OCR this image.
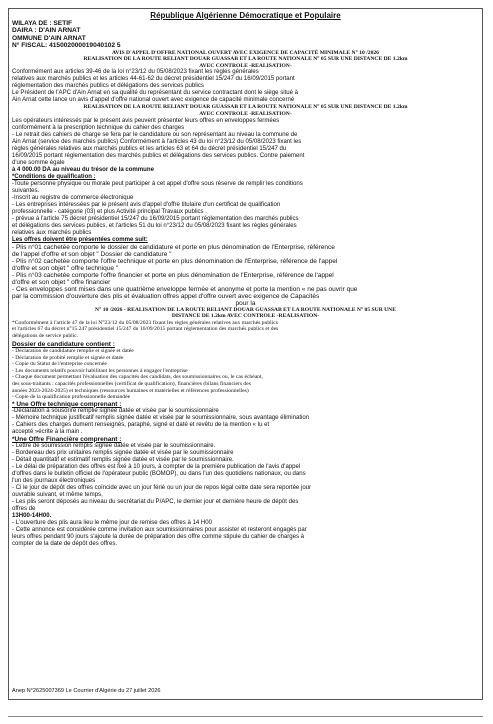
République Algérienne Démocratique et Populaire
WILAYA DE : SETIF
DAIRA : D'AIN ARNAT
OMMUNE D'AIN ARNAT
N° FISCAL: 415002000019040102 5
AVIS D'APPEL D'OFFRE NATIONAL OUVERT AVEC EXIGENCE DE CAPACITÉ MINIMALE N° 10 /2026
REALISATION DE LA ROUTE RELIANT DOUAR GUASSAB ET LA ROUTE NATIONALE N° 05 SUR UNE DISTANCE DE 1.2km
AVEC CONTROLE -REALISATION-
Conformément aux articles 39-46 de la loi n°23/12 du 05/08/2023 fixant les règles générales
relatives aux marchés publics et les articles 44-61-62 du décret présidentiel 15/247 du 16/09/2015 portant
réglementation des marchés publics et délégations des services publics
Le Président de l'APC d'Ain Arnat en sa qualité du représentant du service contractant dont le siège situé à
Ain Arnat cette lance un avis d'appel d'offre national ouvert avec exigence de capacité minimale concerné
REALISATION DE LA ROUTE RELIANT DOUAR GUASSAB ET LA ROUTE NATIONALE N° 05 SUR UNE DISTANCE DE 1.2km
AVEC CONTROLE -REALISATION-
Les opérateurs intéressés par le présent avis peuvent présenter leurs offres en enveloppes fermées
conformément à la prescription technique du cahier des charges
- Le retrait des cahiers de charge se fera par le candidature ou son représentant au niveau la commune de
Ain Arnat (service des marchés publics) Conformément à l'articles 43 du loi n°23/12 du 05/08/2023 fixant les
règles générales relatives aux marchés publics et les articles 63 et 64 du décret présidentiel 15/247 du
16/09/2015 portant réglementation des marchés publics et délégations des services publics. Contre paiement
d'une somme égale
à 4 000.00 DA au niveau du trésor de la commune
*Conditions de qualification :
-Toute personne physique ou morale peut participer à cet appel d'offre sous réserve de remplir les conditions
suivantes.
-Inscrit au registre de commerce électronique
- Les entreprises intéressées par le présent avis d'appel d'offre titulaire d'un certificat de qualification
professionnelle - catégorie (03) et plus Activité principal Travaux publics .
- prévue à l'article 75 décret présidentiel 15/247 du 16/09/2015 portant réglementation des marchés publics
et délégations des services publics, et l'articles 51 du loi n°23/12 du 05/08/2023 fixant les règles générales
relatives aux marchés publics
Les offres doivent être présentées comme suit:
- Plis n°01 cachetée comporte le dossier de candidature et porte en plus dénomination de l'Enterprise, référence
de l'appel d'offre et son objet " Dossier de candidature "
- Plis n°02 cachetée comporte l'offre technique et porte en plus dénomination de l'Enterprise, référence de l'appel
d'offre et son objet " offre technique "
- Plis n°03 cachetée comporte l'offre financier et porte en plus dénomination de l'Enterprise, référence de l'appel
d'offre et son objet " offre financier
- Ces enveloppes sont mises dans une quatrième enveloppe fermée et anonyme et porte la mention « ne pas ouvrir que
par la commission d'ouverture des plis et évaluation offres appel d'offre ouvert avec exigence de Capacités
pour la
N° 10 /2026 - REALISATION DE LA ROUTE RELIANT DOUAR GUASSAB ET LA ROUTE NATIONALE N° 05 SUR UNE
DISTANCE DE 1.2km AVEC CONTROLE -REALISATION-
*Conformément à l'article 47 de la loi N°23/12 du 05/08/2023 fixant les règles générales relatives aux marchés publics
et l'articles 67 du décret n°15.247 présidentiel 15/247 du 16/09/2015 portant réglementation des marchés publics et des
délégations de service public.
Dossier de candidature contient :
- Déclaration de candidature remplie et signée et datée
- Déclaration de probité remplie et signée et datée
- Copie du Statut de l'entreprise concernée
- Les documents relatifs pouvoir habilitant les personnes à engager l'entreprise
- Chaque document permettant l'évaluation des capacités des candidats, des soumissionnaires ou, le cas échéant,
des sous-traitants : capacités professionnelles (certificat de qualification), financières (bilans financiers des
années 2023-2024-2025) et techniques (ressources humaines et matérielles et références professionnelles)
- Copie de la qualification professionnelle demandée
* Une Offre technique comprenant :
-Déclaration à sousorire remplie signée datée et visée par le soumissionnaire
- Mémoire technique justificatif remplis signée datée et visée par le soumissionnaire, sous avantage élimination
- Cahiers des charges dument renseignés, paraphé, signé et daté et revêtu de la mention « lu et
accepté »écrite à la main .
*Une Offre Financière comprenant :
- Lettre de soumission remplis signée datée et visée par le soumissionnaire.
- Bordereau des prix unitaires remplis signée datée et visée par le soumissionnaire
- Détail quantitatif et estimatif remplis signée datée et visée par le soumissionnaire.
- Le délai de préparation des offres est fixé à 10 jours, à compter de la première publication de l'avis d'appel
d'offres dans le bulletin officiel de l'opérateur public (BOMOP), ou dans l'un des quotidiens nationaux, ou dans
l'un des journaux électroniques
- Ci le jour de dépôt des offres coïncide avec un jour férié ou un jour de repos légal cette date sera reportée jour
ouvrable suivant, et même temps,
- Les plis seront déposés au niveau du secrétariat du P/APC, le dernier jour et dernière heure de dépôt des
offres de
13H00-14H00.
- L'ouverture des plis aura lieu le même jour de remise des offres à 14 H00
- Cette annonce est considérée comme invitation aux soumissionnaires pour assister et resteront engagés par
leurs offres pendant 90 jours s'ajoute la durée de préparation des offre comme stipule du cahier de charges à
compter de la date de dépôt des offres.
Anep N°2625007369 Le Courrier d'Algérie du 27 juillet 2026
